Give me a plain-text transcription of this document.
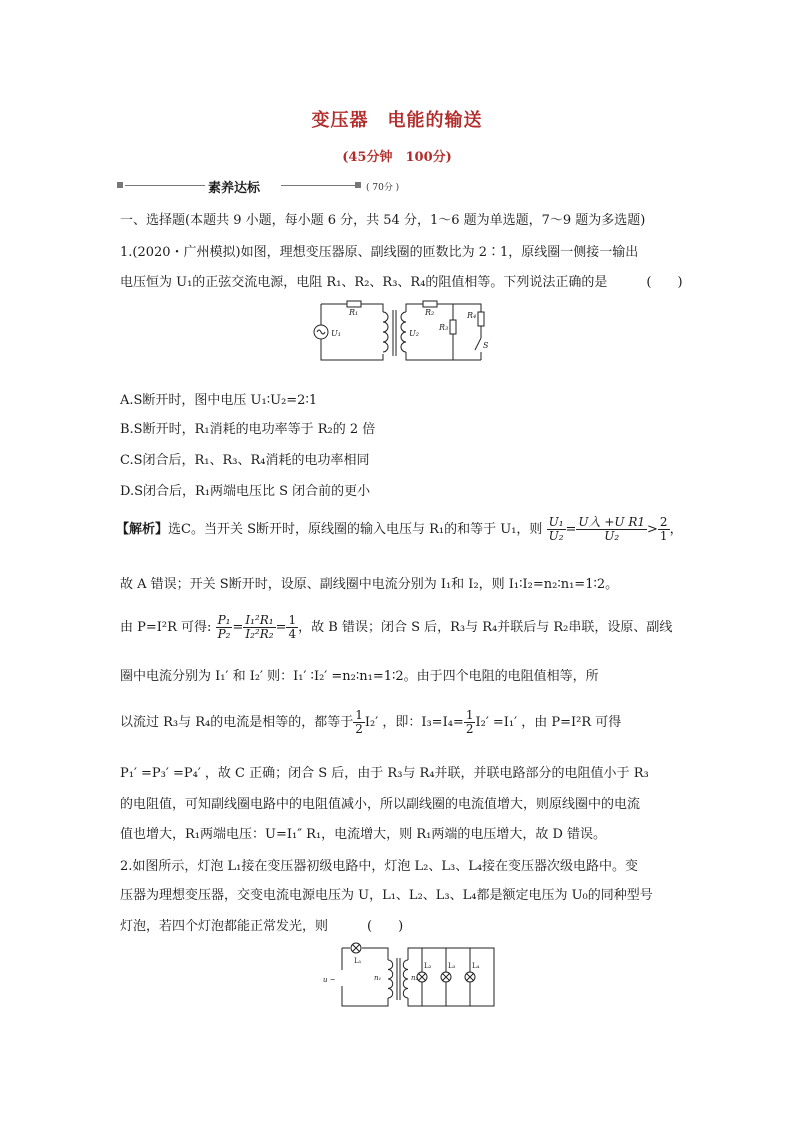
变压器　电能的输送
(45分钟　100分)
素养达标	( 70分 )
一、选择题(本题共 9 小题，每小题 6 分，共 54 分，1～6 题为单选题，7～9 题为多选题)
1.(2020・广州模拟)如图，理想变压器原、副线圈的匝数比为 2∶1，原线圈一侧接一输出
电压恒为 U₁的正弦交流电源，电阻 R₁、R₂、R₃、R₄的阻值相等。下列说法正确的是　　　(　　)
R₁	R₂
R₃
R₄
U₁	U₂
S
A.S断开时，图中电压 U₁∶U₂=2∶1
B.S断开时，R₁消耗的电功率等于 R₂的 2 倍
C.S闭合后，R₁、R₃、R₄消耗的电功率相同
D.S闭合后，R₁两端电压比 S 闭合前的更小
【解析】选C。当开关 S断开时，原线圈的输入电压与 R₁的和等于 U₁，则 $\frac{\text{U₁}}{\text{U₂}} = \frac{\text{U入 +U R1}}{\text{U₂}} > \frac{2}{1}$ ，
故 A 错误；开关 S断开时，设原、副线圈中电流分别为 I₁和 I₂，则 I₁∶I₂=n₂∶n₁=1∶2。
由 P=I²R 可得: $\frac{\text{P₁}}{\text{P₂}} = \frac{\text{I₁²R₁}}{\text{I₂²R₂}} = \frac{1}{4}$ ，故 B 错误；闭合 S 后，R₃与 R₄并联后与 R₂串联，设原、副线
圈中电流分别为 I₁′ 和 I₂′ 则：I₁′ ∶I₂′ =n₂∶n₁=1∶2。由于四个电阻的电阻值相等，所
以流过 R₃与 R₄的电流是相等的，都等于 $\frac{1}{2} I_2'$ ，即：$I_3=I_4= \frac{1}{2} I_2' =I_1'$ ，由 P=I²R 可得
P₁′ =P₃′ =P₄′ ，故 C 正确；闭合 S 后，由于 R₃与 R₄并联，并联电路部分的电阻值小于 R₃
的电阻值，可知副线圈电路中的电阻值减小，所以副线圈的电流值增大，则原线圈中的电流
值也增大，R₁两端电压：U=I₁″ R₁，电流增大，则 R₁两端的电压增大，故 D 错误。
2.如图所示，灯泡 L₁接在变压器初级电路中，灯泡 L₂、L₃、L₄接在变压器次级电路中。变
压器为理想变压器，交变电流电源电压为 U，L₁、L₂、L₃、L₄都是额定电压为 U₀的同种型号
灯泡，若四个灯泡都能正常发光，则　　　(　　)
L₁
L₂ L₃ L₄
n₁	n₂
u ~
